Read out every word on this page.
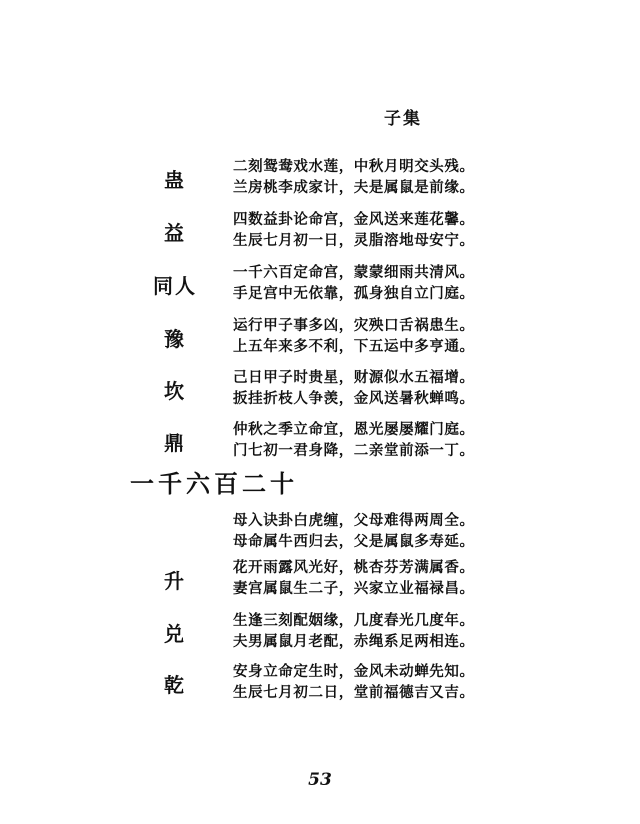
子集
蛊
二刻鸳鸯戏水莲，中秋月明交头残。
兰房桃李成家计，夫是属鼠是前缘。
益
四数益卦论命宫，金风送来莲花馨。
生辰七月初一日，灵脂溶地母安宁。
同人
一千六百定命宫，蒙蒙细雨共清风。
手足宫中无依靠，孤身独自立门庭。
豫
运行甲子事多凶，灾殃口舌祸患生。
上五年来多不利，下五运中多亨通。
坎
己日甲子时贵星，财源似水五福增。
扳挂折枝人争羡，金风送暑秋蝉鸣。
鼎
仲秋之季立命宜，恩光屡屡耀门庭。
门七初一君身降，二亲堂前添一丁。
一千六百二十
母入诀卦白虎缠，父母难得两周全。
母命属牛西归去，父是属鼠多寿延。
升
花开雨露风光好，桃杏芬芳满属香。
妻宫属鼠生二子，兴家立业福禄昌。
兑
生逢三刻配姻缘，几度春光几度年。
夫男属鼠月老配，赤绳系足两相连。
乾
安身立命定生时，金风未动蝉先知。
生辰七月初二日，堂前福德吉又吉。
53
